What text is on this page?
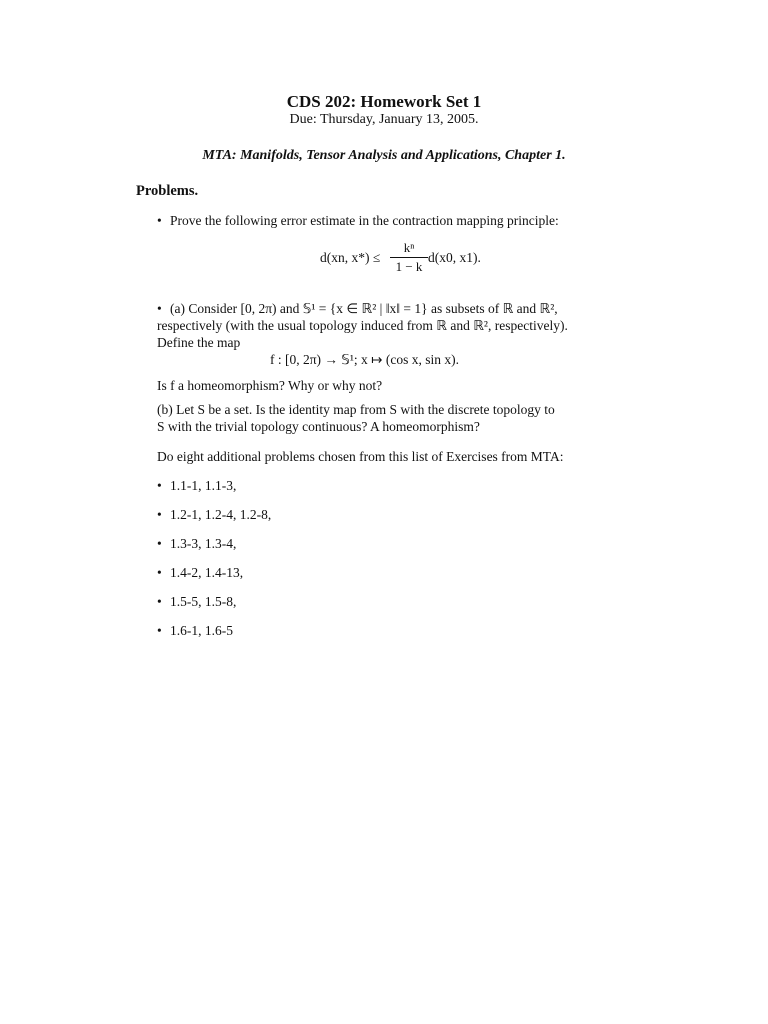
CDS 202: Homework Set 1
Due: Thursday, January 13, 2005.
MTA: Manifolds, Tensor Analysis and Applications, Chapter 1.
Problems.
• Prove the following error estimate in the contraction mapping principle:
d(xn, x*) ≤
kⁿ
1 − k
d(x0, x1).
• (a) Consider [0, 2π) and 𝕊¹ = {x ∈ ℝ² | ‖x‖ = 1} as subsets of ℝ and ℝ²,
respectively (with the usual topology induced from ℝ and ℝ², respectively).
Define the map
f : [0, 2π) → 𝕊¹; x ↦ (cos x, sin x).
Is f a homeomorphism? Why or why not?
(b) Let S be a set. Is the identity map from S with the discrete topology to
S with the trivial topology continuous? A homeomorphism?
Do eight additional problems chosen from this list of Exercises from MTA:
• 1.1-1, 1.1-3,
• 1.2-1, 1.2-4, 1.2-8,
• 1.3-3, 1.3-4,
• 1.4-2, 1.4-13,
• 1.5-5, 1.5-8,
• 1.6-1, 1.6-5
